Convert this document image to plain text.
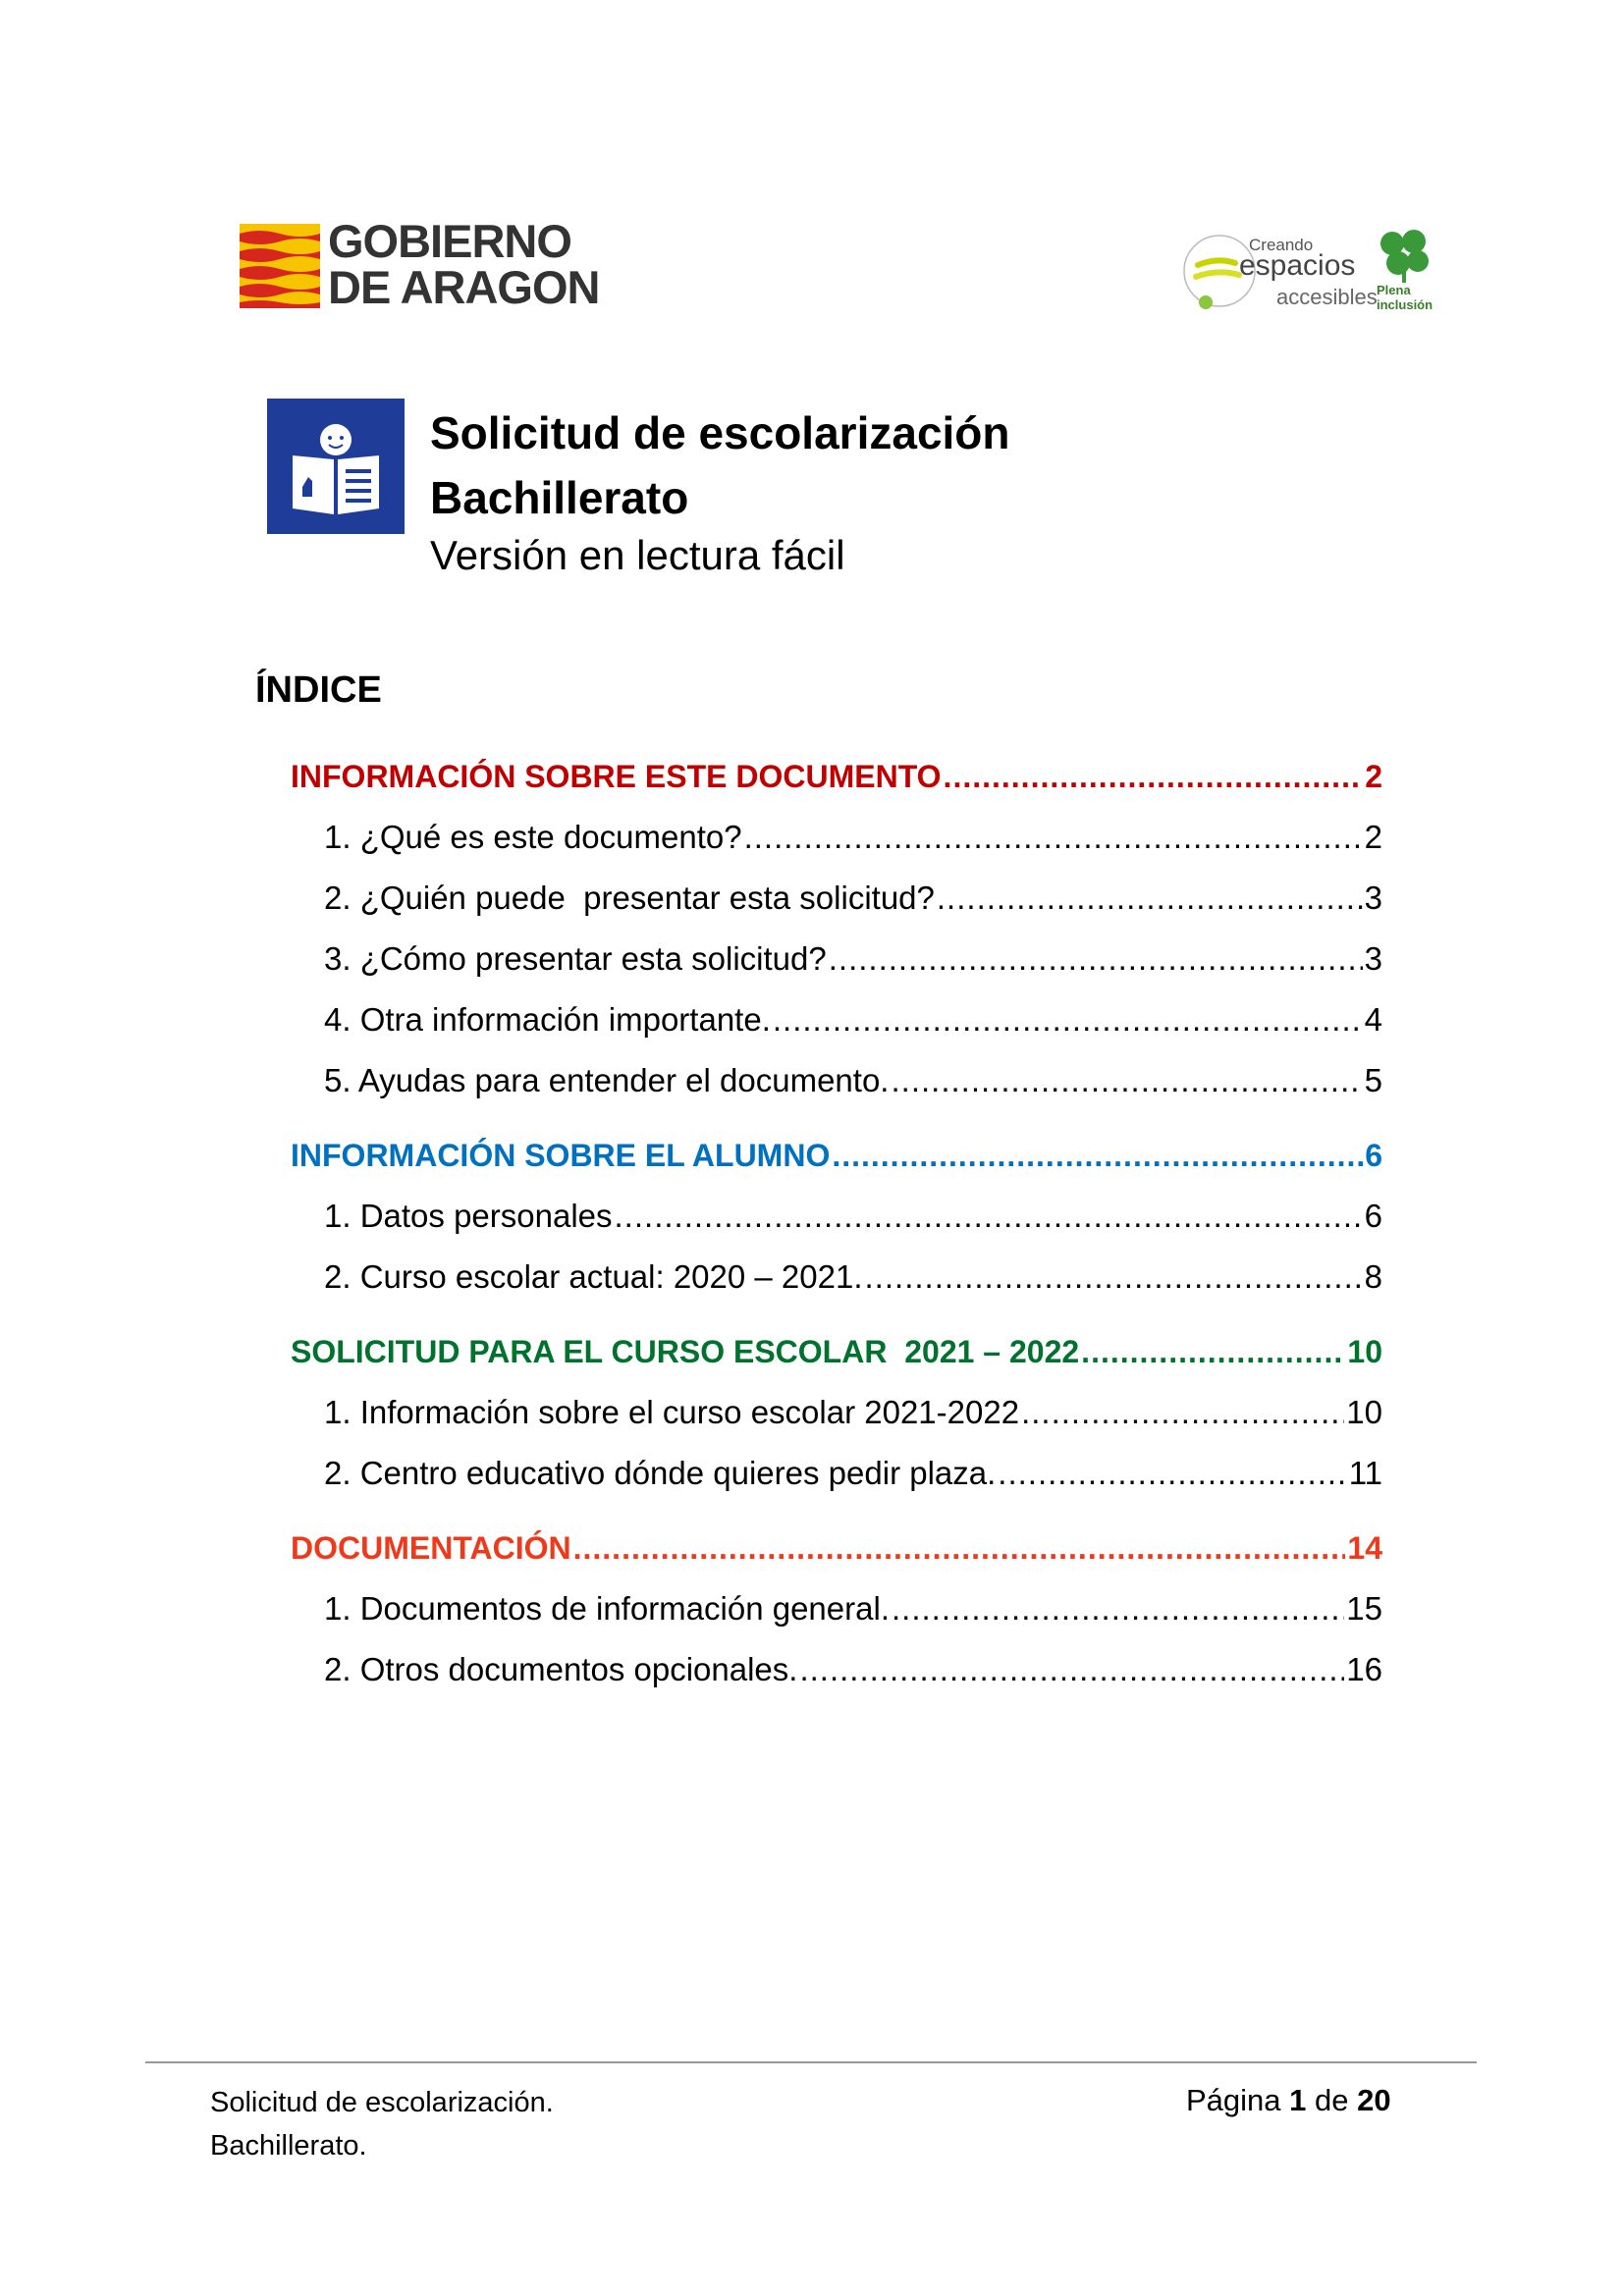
GOBIERNO
DE ARAGON
Creando
espacios
accesibles Plena inclusión
Solicitud de escolarización
Bachillerato
Versión en lectura fácil
ÍNDICE
INFORMACIÓN SOBRE ESTE DOCUMENTO .....	2
1. ¿Qué es este documento? .....	2
2. ¿Quién puede  presentar esta solicitud? .....	3
3. ¿Cómo presentar esta solicitud? .....	3
4. Otra información importante. .....	4
5. Ayudas para entender el documento. .....	5
INFORMACIÓN SOBRE EL ALUMNO .....	6
1. Datos personales .....	6
2. Curso escolar actual: 2020 – 2021. .....	8
SOLICITUD PARA EL CURSO ESCOLAR  2021 – 2022 .....	10
1. Información sobre el curso escolar 2021-2022 .....	10
2. Centro educativo dónde quieres pedir plaza. .....	11
DOCUMENTACIÓN .....	14
1. Documentos de información general. .....	15
2. Otros documentos opcionales. .....	16
Solicitud de escolarización.
Bachillerato.
Página 1 de 20
